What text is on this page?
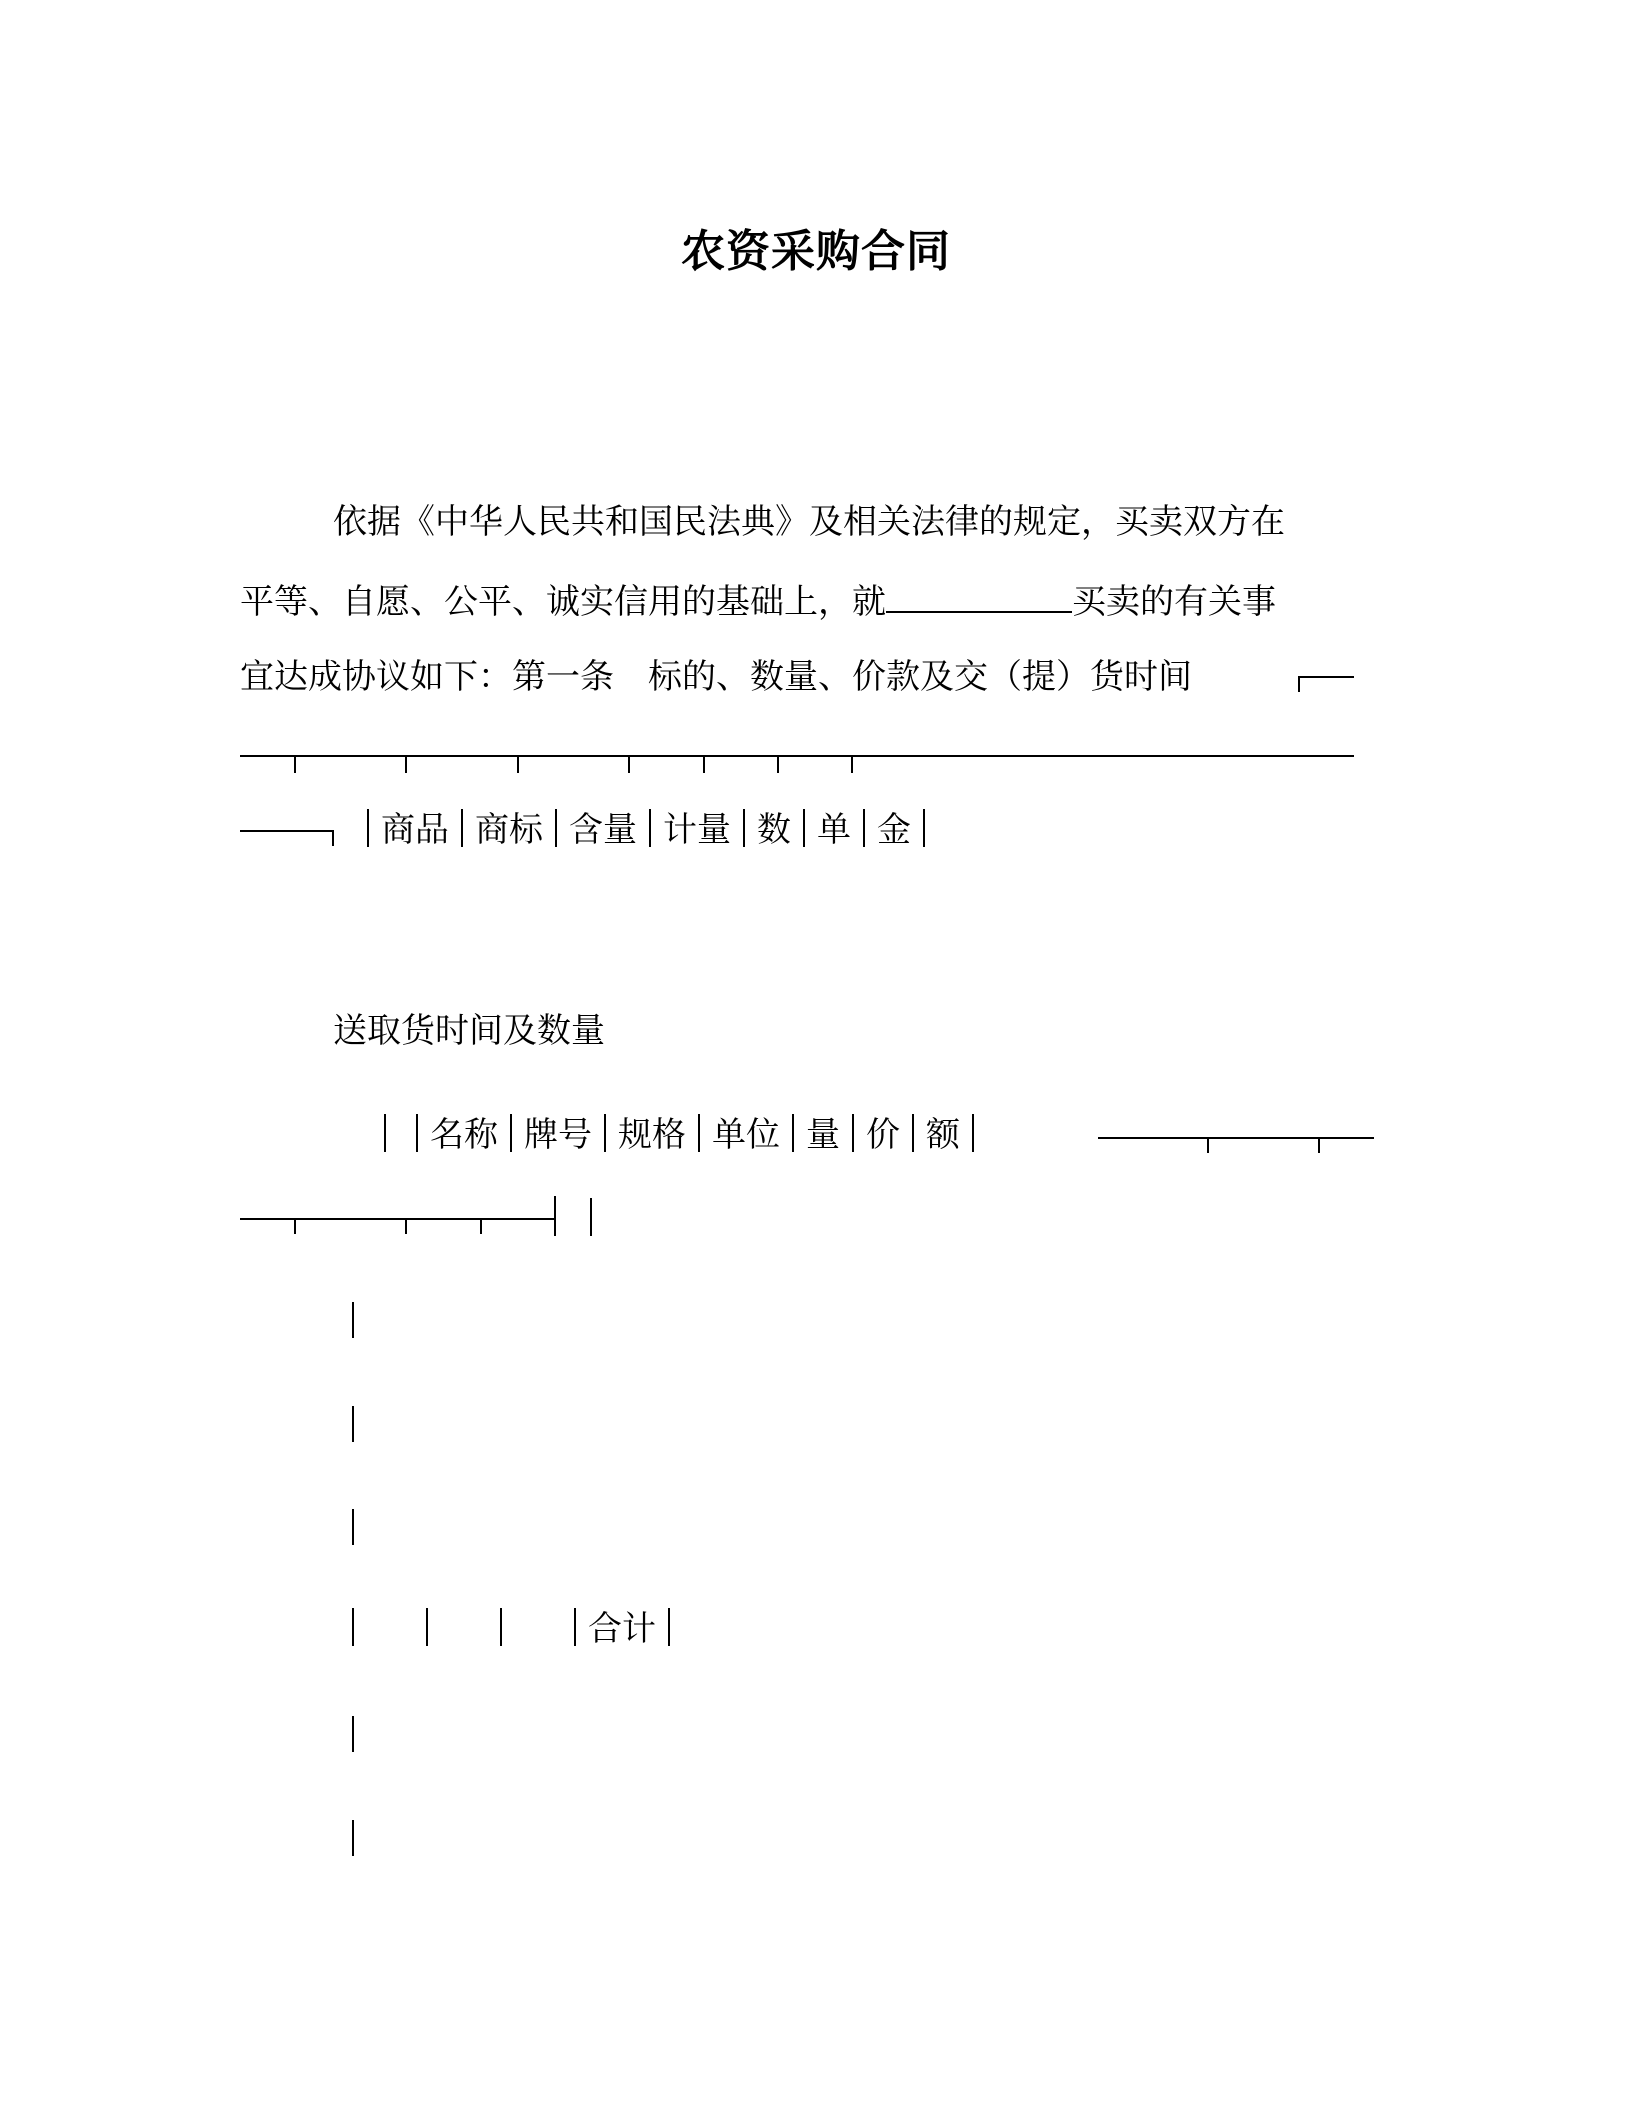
农资采购合同
依据《中华人民共和国民法典》及相关法律的规定，买卖双方在
平等、自愿、公平、诚实信用的基础上，就	买卖的有关事
宜达成协议如下：第一条　标的、数量、价款及交（提）货时间
商品 商标 含量 计量 数 单 金
送取货时间及数量
名称 牌号 规格 单位 量 价 额
合计
